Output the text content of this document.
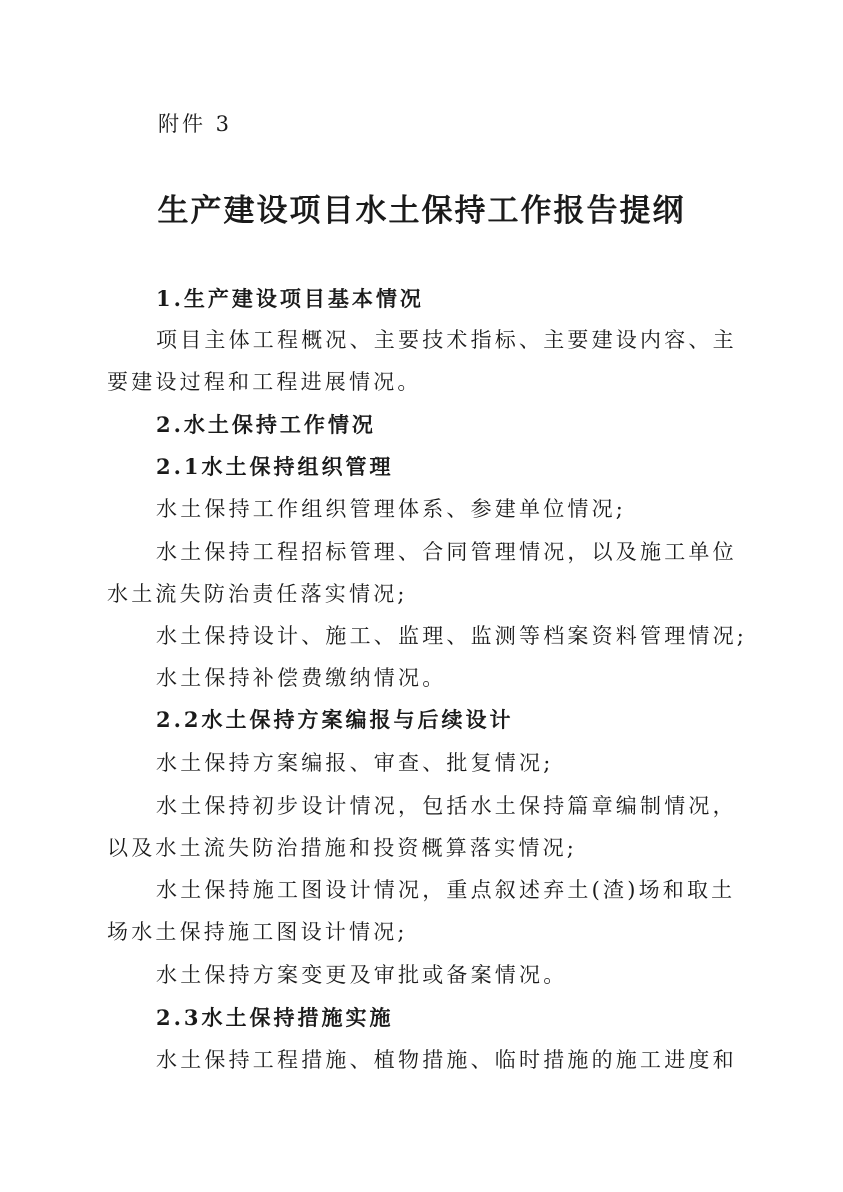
附件 3
生产建设项目水土保持工作报告提纲
1.生产建设项目基本情况
项目主体工程概况、主要技术指标、主要建设内容、主
要建设过程和工程进展情况。
2.水土保持工作情况
2.1水土保持组织管理
水土保持工作组织管理体系、参建单位情况;
水土保持工程招标管理、合同管理情况，以及施工单位
水土流失防治责任落实情况;
水土保持设计、施工、监理、监测等档案资料管理情况;
水土保持补偿费缴纳情况。
2.2水土保持方案编报与后续设计
水土保持方案编报、审查、批复情况;
水土保持初步设计情况，包括水土保持篇章编制情况，
以及水土流失防治措施和投资概算落实情况;
水土保持施工图设计情况，重点叙述弃土(渣)场和取土
场水土保持施工图设计情况;
水土保持方案变更及审批或备案情况。
2.3水土保持措施实施
水土保持工程措施、植物措施、临时措施的施工进度和
